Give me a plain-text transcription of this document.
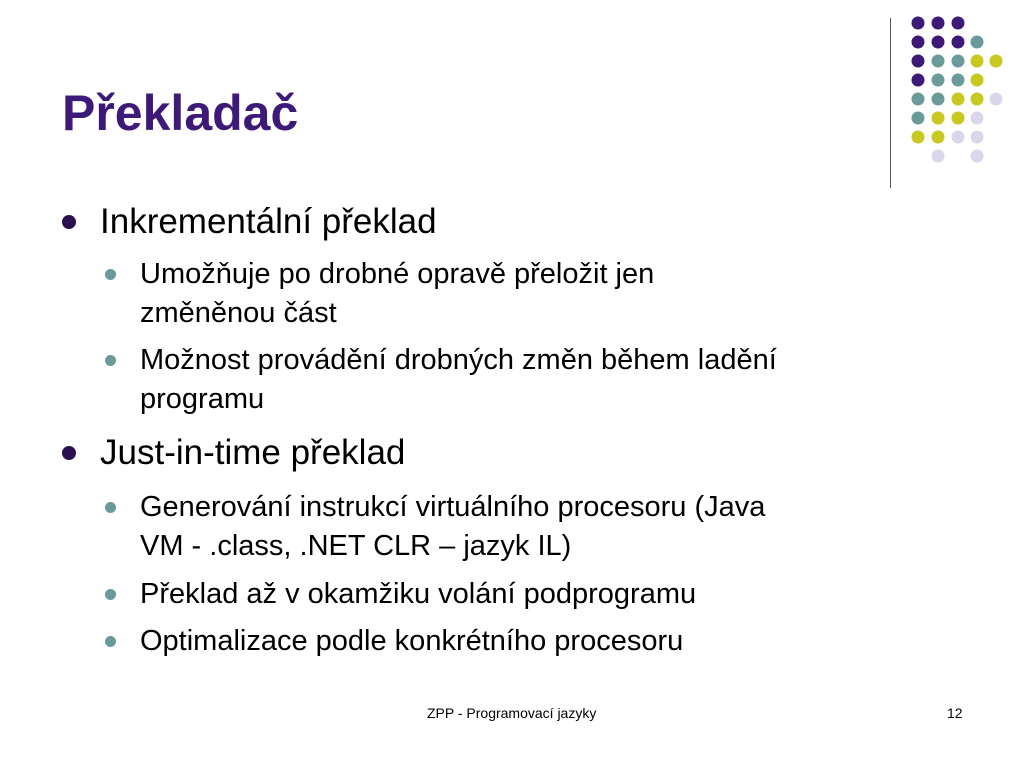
Překladač
Inkrementální překlad
Umožňuje po drobné opravě přeložit jen
změněnou část
Možnost provádění drobných změn během ladění
programu
Just-in-time překlad
Generování instrukcí virtuálního procesoru (Java
VM - .class, .NET CLR – jazyk IL)
Překlad až v okamžiku volání podprogramu
Optimalizace podle konkrétního procesoru
ZPP - Programovací jazyky	12
